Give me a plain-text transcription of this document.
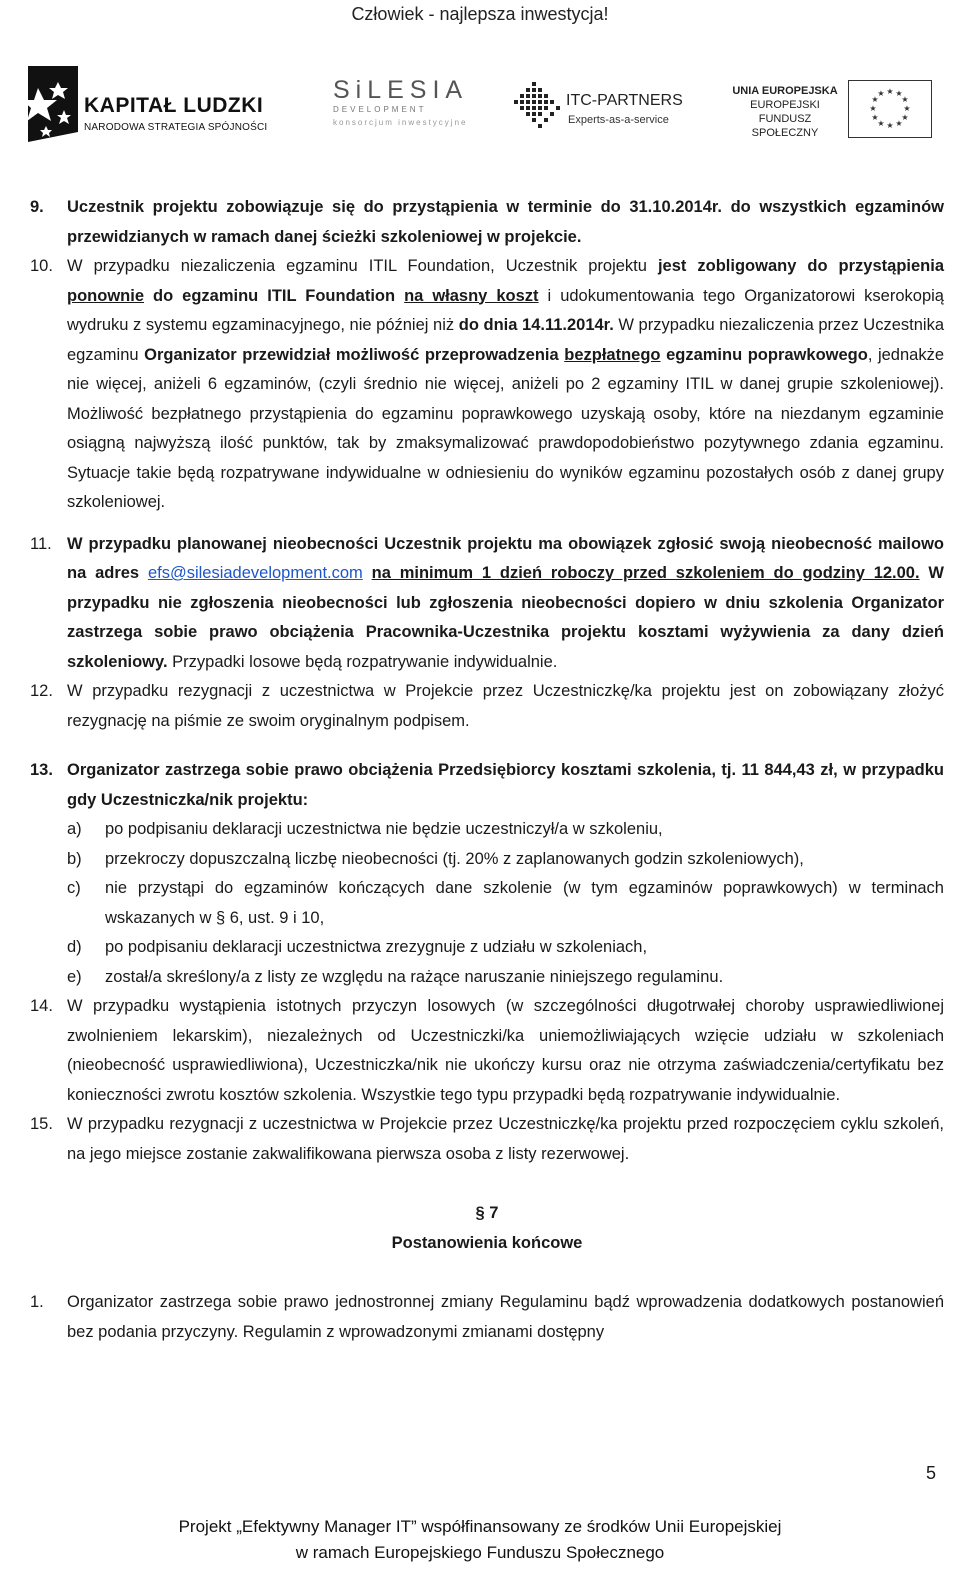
Człowiek - najlepsza inwestycja!
KAPITAŁ LUDZKI
NARODOWA STRATEGIA SPÓJNOŚCI
SiLESIA
DEVELOPMENT
konsorcjum inwestycyjne
ITC-PARTNERS
Experts-as-a-service
UNIA EUROPEJSKA
EUROPEJSKI
FUNDUSZ SPOŁECZNY
★ ★
★
★
★
★
★
★
★
★
★
★
9. Uczestnik projektu zobowiązuje się do przystąpienia w terminie do 31.10.2014r. do wszystkich egzaminów przewidzianych w ramach danej ścieżki szkoleniowej w projekcie.
10. W przypadku niezaliczenia egzaminu ITIL Foundation, Uczestnik projektu jest zobligowany do przystąpienia ponownie do egzaminu ITIL Foundation na własny koszt i udokumentowania tego Organizatorowi kserokopią wydruku z systemu egzaminacyjnego, nie później niż do dnia 14.11.2014r. W przypadku niezaliczenia przez Uczestnika egzaminu Organizator przewidział możliwość przeprowadzenia bezpłatnego egzaminu poprawkowego, jednakże nie więcej, aniżeli 6 egzaminów, (czyli średnio nie więcej, aniżeli po 2 egzaminy ITIL w danej grupie szkoleniowej). Możliwość bezpłatnego przystąpienia do egzaminu poprawkowego uzyskają osoby, które na niezdanym egzaminie osiągną najwyższą ilość punktów, tak by zmaksymalizować prawdopodobieństwo pozytywnego zdania egzaminu. Sytuacje takie będą rozpatrywane indywidualne w odniesieniu do wyników egzaminu pozostałych osób z danej grupy szkoleniowej.
11. W przypadku planowanej nieobecności Uczestnik projektu ma obowiązek zgłosić swoją nieobecność mailowo na adres efs@silesiadevelopment.com na minimum 1 dzień roboczy przed szkoleniem do godziny 12.00. W przypadku nie zgłoszenia nieobecności lub zgłoszenia nieobecności dopiero w dniu szkolenia Organizator zastrzega sobie prawo obciążenia Pracownika-Uczestnika projektu kosztami wyżywienia za dany dzień szkoleniowy. Przypadki losowe będą rozpatrywanie indywidualnie.
12. W przypadku rezygnacji z uczestnictwa w Projekcie przez Uczestniczkę/ka projektu jest on zobowiązany złożyć rezygnację na piśmie ze swoim oryginalnym podpisem.
13. Organizator zastrzega sobie prawo obciążenia Przedsiębiorcy kosztami szkolenia, tj. 11 844,43 zł, w przypadku gdy Uczestniczka/nik projektu:
a) po podpisaniu deklaracji uczestnictwa nie będzie uczestniczył/a w szkoleniu,
b) przekroczy dopuszczalną liczbę nieobecności (tj. 20% z zaplanowanych godzin szkoleniowych),
c) nie przystąpi do egzaminów kończących dane szkolenie (w tym egzaminów poprawkowych) w terminach wskazanych w § 6, ust. 9 i 10,
d) po podpisaniu deklaracji uczestnictwa zrezygnuje z udziału w szkoleniach,
e) został/a skreślony/a z listy ze względu na rażące naruszanie niniejszego regulaminu.
14. W przypadku wystąpienia istotnych przyczyn losowych (w szczególności długotrwałej choroby usprawiedliwionej zwolnieniem lekarskim), niezależnych od Uczestniczki/ka uniemożliwiających wzięcie udziału w szkoleniach (nieobecność usprawiedliwiona), Uczestniczka/nik nie ukończy kursu oraz nie otrzyma zaświadczenia/certyfikatu bez konieczności zwrotu kosztów szkolenia. Wszystkie tego typu przypadki będą rozpatrywanie indywidualnie.
15. W przypadku rezygnacji z uczestnictwa w Projekcie przez Uczestniczkę/ka projektu przed rozpoczęciem cyklu szkoleń, na jego miejsce zostanie zakwalifikowana pierwsza osoba z listy rezerwowej.
§ 7
Postanowienia końcowe
1. Organizator zastrzega sobie prawo jednostronnej zmiany Regulaminu bądź wprowadzenia dodatkowych postanowień bez podania przyczyny. Regulamin z wprowadzonymi zmianami dostępny
5
Projekt „Efektywny Manager IT” współfinansowany ze środków Unii Europejskiej
w ramach Europejskiego Funduszu Społecznego
